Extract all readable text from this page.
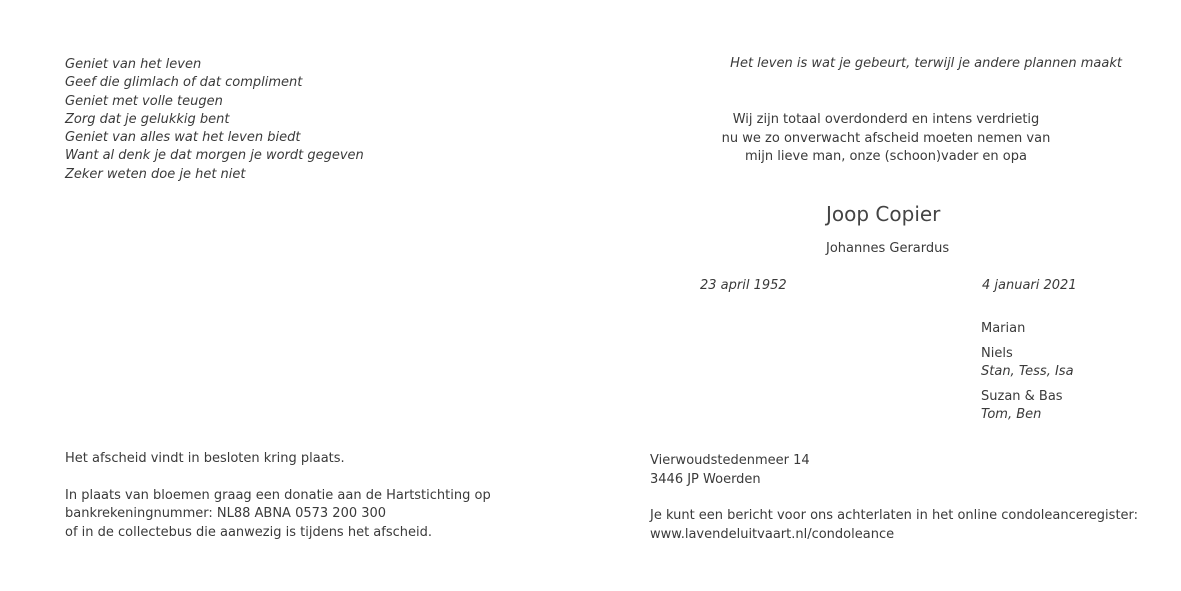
Geniet van het leven
Geef die glimlach of dat compliment
Geniet met volle teugen
Zorg dat je gelukkig bent
Geniet van alles wat het leven biedt
Want al denk je dat morgen je wordt gegeven
Zeker weten doe je het niet
Het leven is wat je gebeurt, terwijl je andere plannen maakt
Wij zijn totaal overdonderd en intens verdrietig
nu we zo onverwacht afscheid moeten nemen van
mijn lieve man, onze (schoon)vader en opa
Joop Copier
Johannes Gerardus
23 april 1952	4 januari 2021
Marian
Niels
Stan, Tess, Isa
Suzan & Bas
Tom, Ben
Het afscheid vindt in besloten kring plaats.
In plaats van bloemen graag een donatie aan de Hartstichting op
bankrekeningnummer: NL88 ABNA 0573 200 300
of in de collectebus die aanwezig is tijdens het afscheid.
Vierwoudstedenmeer 14
3446 JP Woerden
Je kunt een bericht voor ons achterlaten in het online condoleanceregister:
www.lavendeluitvaart.nl/condoleance
